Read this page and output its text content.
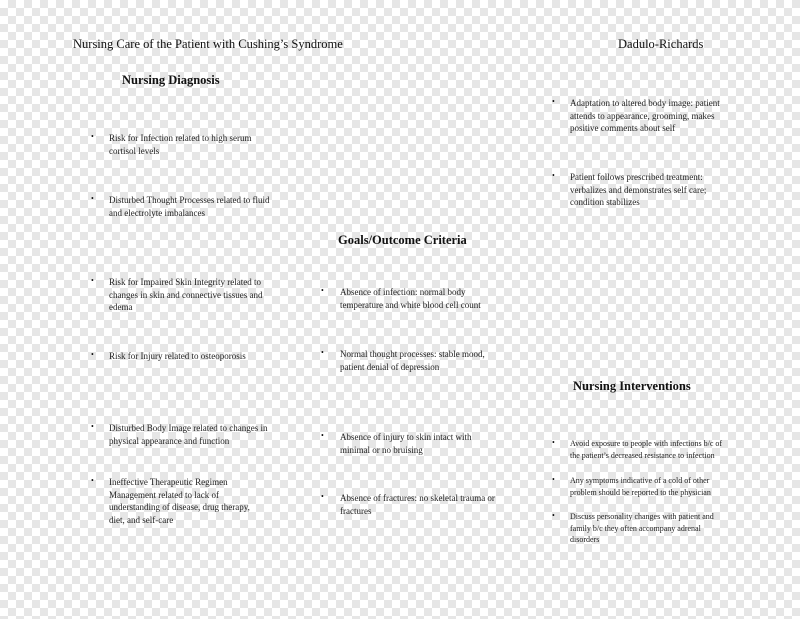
Nursing Care of the Patient with Cushing’s Syndrome	Dadulo-Richards
Nursing Diagnosis
• Risk for Infection related to high serum cortisol levels
• Disturbed Thought Processes related to fluid and electrolyte imbalances
• Risk for Impaired Skin Integrity related to changes in skin and connective tissues and edema
• Risk for Injury related to osteoporosis
• Disturbed Body Image related to changes in physical appearance and function
• Ineffective Therapeutic Regimen Management related to lack of understanding of disease, drug therapy, diet, and self-care
Goals/Outcome Criteria
• Absence of infection: normal body temperature and white blood cell count
• Normal thought processes: stable mood, patient denial of depression
• Absence of injury to skin intact with minimal or no bruising
• Absence of fractures: no skeletal trauma or fractures
• Adaptation to altered body image: patient attends to appearance, grooming, makes positive comments about self
• Patient follows prescribed treatment: verbalizes and demonstrates self care; condition stabilizes
Nursing Interventions
• Avoid exposure to people with infections b/c of the patient’s decreased resistance to infection
• Any symptoms indicative of a cold of other problem should be reported to the physician
• Discuss personality changes with patient and family b/c they often accompany adrenal disorders
